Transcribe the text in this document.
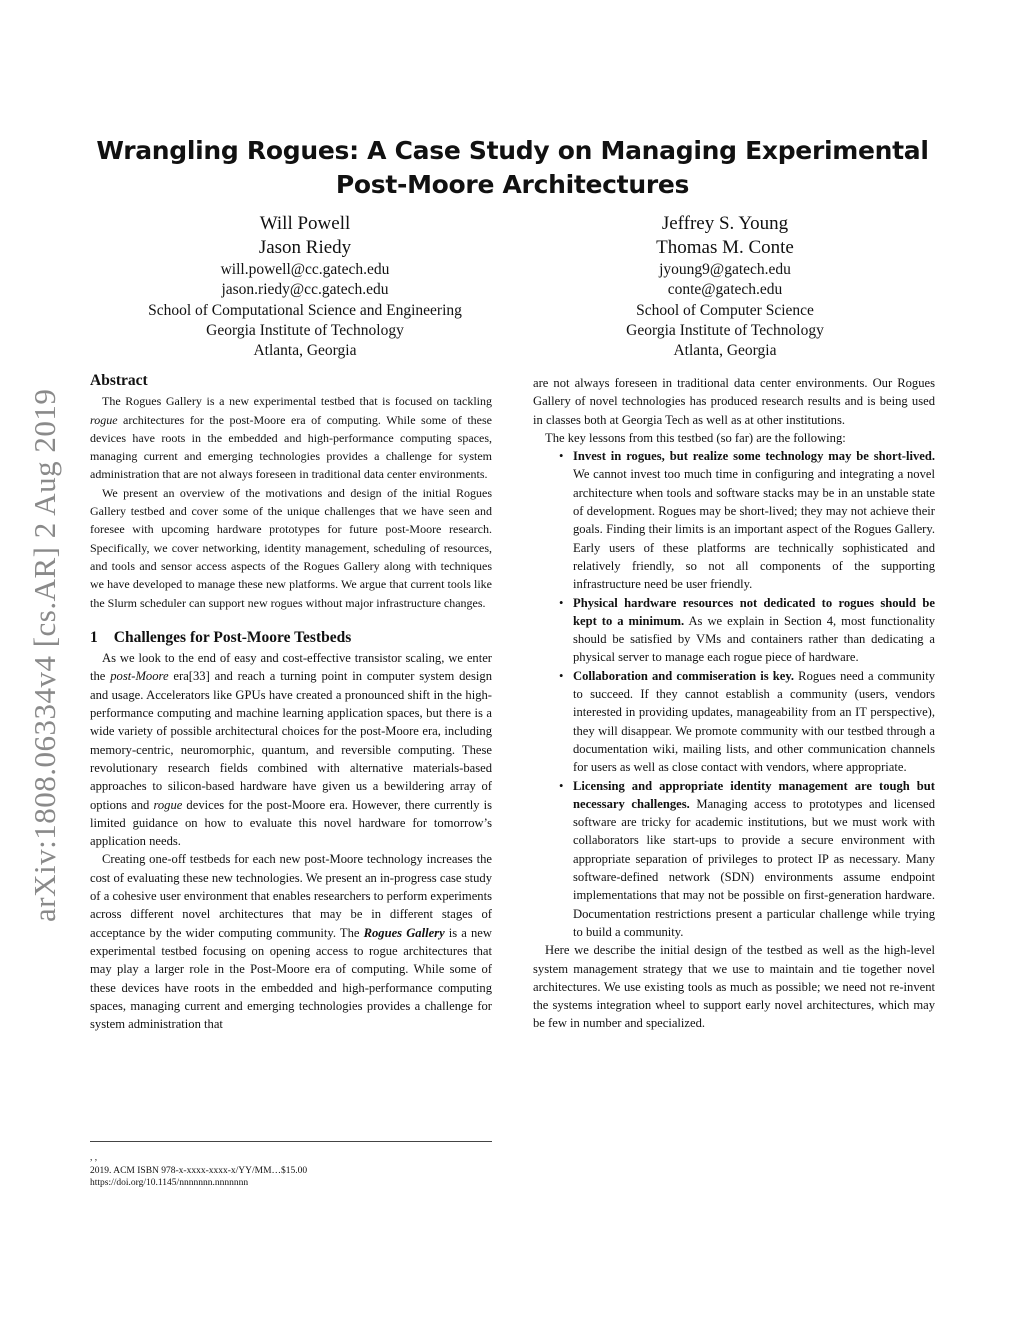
arXiv:1808.06334v4 [cs.AR] 2 Aug 2019
Wrangling Rogues: A Case Study on Managing Experimental
Post-Moore Architectures
Will Powell
Jason Riedy
will.powell@cc.gatech.edu
jason.riedy@cc.gatech.edu
School of Computational Science and Engineering
Georgia Institute of Technology
Atlanta, Georgia
Jeffrey S. Young
Thomas M. Conte
jyoung9@gatech.edu
conte@gatech.edu
School of Computer Science
Georgia Institute of Technology
Atlanta, Georgia
Abstract

The Rogues Gallery is a new experimental testbed that is focused on tackling rogue architectures for the post-Moore era of computing. While some of these devices have roots in the embedded and high-performance computing spaces, managing current and emerging technologies provides a challenge for system administration that are not always foreseen in traditional data center environments.

We present an overview of the motivations and design of the initial Rogues Gallery testbed and cover some of the unique challenges that we have seen and foresee with upcoming hardware prototypes for future post-Moore research. Specifically, we cover networking, identity management, scheduling of resources, and tools and sensor access aspects of the Rogues Gallery along with techniques we have developed to manage these new platforms. We argue that current tools like the Slurm scheduler can support new rogues without major infrastructure changes.

1 Challenges for Post-Moore Testbeds

As we look to the end of easy and cost-effective transistor scaling, we enter the post-Moore era[33] and reach a turning point in computer system design and usage. Accelerators like GPUs have created a pronounced shift in the high-performance computing and machine learning application spaces, but there is a wide variety of possible architectural choices for the post-Moore era, including memory-centric, neuromorphic, quantum, and reversible computing. These revolutionary research fields combined with alternative materials-based approaches to silicon-based hardware have given us a bewildering array of options and rogue devices for the post-Moore era. However, there currently is limited guidance on how to evaluate this novel hardware for tomorrow’s application needs.

Creating one-off testbeds for each new post-Moore technology increases the cost of evaluating these new technologies. We present an in-progress case study of a cohesive user environment that enables researchers to perform experiments across different novel architectures that may be in different stages of acceptance by the wider computing community. The Rogues Gallery is a new experimental testbed focusing on opening access to rogue architectures that may play a larger role in the Post-Moore era of computing. While some of these devices have roots in the embedded and high-performance computing spaces, managing current and emerging technologies provides a challenge for system administration that

are not always foreseen in traditional data center environments. Our Rogues Gallery of novel technologies has produced research results and is being used in classes both at Georgia Tech as well as at other institutions.

The key lessons from this testbed (so far) are the following:

• Invest in rogues, but realize some technology may be short-lived. We cannot invest too much time in configuring and integrating a novel architecture when tools and software stacks may be in an unstable state of development. Rogues may be short-lived; they may not achieve their goals. Finding their limits is an important aspect of the Rogues Gallery. Early users of these platforms are technically sophisticated and relatively friendly, so not all components of the supporting infrastructure need be user friendly.
• Physical hardware resources not dedicated to rogues should be kept to a minimum. As we explain in Section 4, most functionality should be satisfied by VMs and containers rather than dedicating a physical server to manage each rogue piece of hardware.
• Collaboration and commiseration is key. Rogues need a community to succeed. If they cannot establish a community (users, vendors interested in providing updates, manageability from an IT perspective), they will disappear. We promote community with our testbed through a documentation wiki, mailing lists, and other communication channels for users as well as close contact with vendors, where appropriate.
• Licensing and appropriate identity management are tough but necessary challenges. Managing access to prototypes and licensed software are tricky for academic institutions, but we must work with collaborators like start-ups to provide a secure environment with appropriate separation of privileges to protect IP as necessary. Many software-defined network (SDN) environments assume endpoint implementations that may not be possible on first-generation hardware. Documentation restrictions present a particular challenge while trying to build a community.

Here we describe the initial design of the testbed as well as the high-level system management strategy that we use to maintain and tie together novel architectures. We use existing tools as much as possible; we need not re-invent the systems integration wheel to support early novel architectures, which may be few in number and specialized.

, ,
2019. ACM ISBN 978-x-xxxx-xxxx-x/YY/MM…$15.00
https://doi.org/10.1145/nnnnnnn.nnnnnnn
